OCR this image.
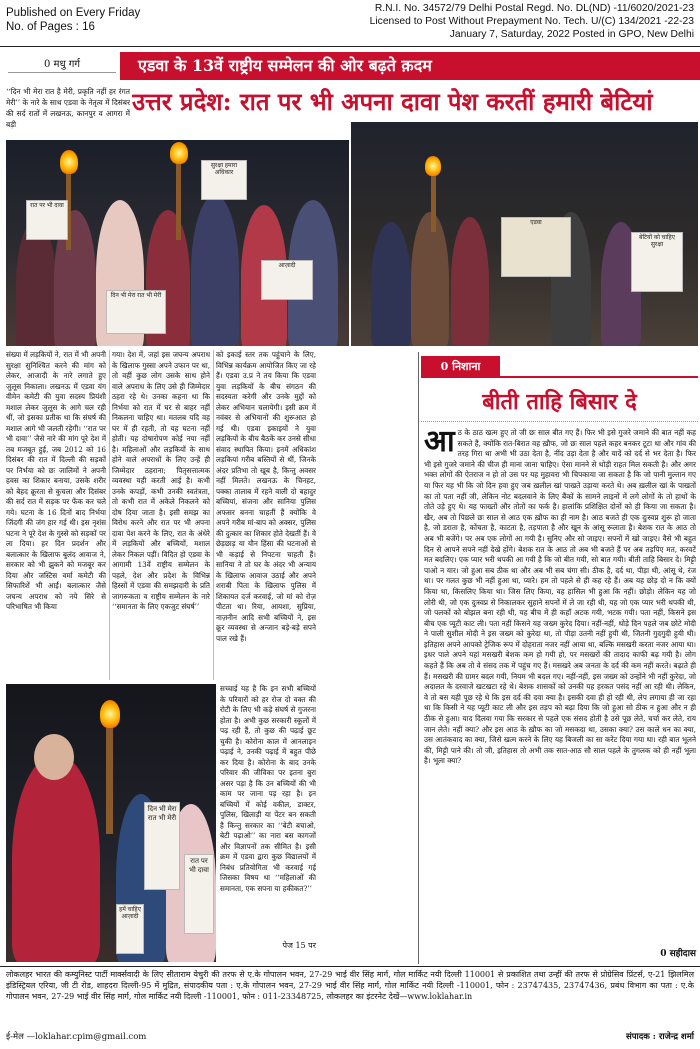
Published on Every Friday
No. of Pages : 16
R.N.I. No. 34572/79 Delhi Postal Regd. No. DL(ND) -11/6020/2021-23
Licensed to Post Without Prepayment No. Tech. U/(C) 134/2021 -22-23
January 7, Saturday, 2022 Posted in GPO, New Delhi
0 मधु गर्ग	एडवा के 13वें राष्ट्रीय सम्मेलन की ओर बढ़ते क़दम
उत्तर प्रदेश: रात पर भी अपना दावा पेश करतीं हमारी बेटियां
‘‘दिन भी मेरा रात है मेरी, प्रकृति नहीं हर रंगत मेरी’’ के नारे के साथ एडवा के नेतृत्व में दिसंबर की सर्द रातों में लखनऊ, कानपुर व आगरा में बड़ी
रात पर भी दावा
दिन भी मेरा रात भी मेरी
सुरक्षा हमारा अधिकार
आज़ादी
एडवा
बेटियों को चाहिए सुरक्षा
संख्या में लड़कियों ने, रात में भी अपनी सुरक्षा सुनिश्चित करने की मांग को लेकर, आजादी के नारे लगाते हुए जुलूस निकाला। लखनऊ में एडवा यंग वीमेन कमेटी की युवा सदस्य प्रियंशी मशाल लेकर जुलूस के आगे चल रही थीं, जो इसका प्रतीक था कि संघर्ष की मशाल आगे भी जलती रहेगी। ‘‘रात पर भी दावा’’ जैसे नारे की मांग पूरे देश में तब मजबूत हुई, जब 2012 को 16 दिसंबर की रात में दिल्ली की सड़कों पर निर्भया को छः जालिमों ने अपनी हवस का शिकार बनाया, उसके शरीर को बेहद क्रूरता से कुचला और दिसंबर की सर्द रात में सड़क पर फेंक कर चले गये। घटना के 16 दिनों बाद निर्भया जिंदगी की जंग हार गई थी। इस नृशंस घटना ने पूरे देश के गुस्से को सड़कों पर ला दिया। हर दिन प्रदर्शन और बलात्कार के खिलाफ बुलंद आवाज ने, सरकार को भी झुकने को मजबूर कर दिया और जस्टिस वर्मा कमेटी की सिफारिशें भी आईं। बलात्कार जैसे जघन्य अपराध को नये सिरे से परिभाषित भी किया
गया। देश में, जहां इस जघन्य अपराध के खिलाफ गुस्सा अपने उफान पर था, तो वहीं कुछ लोग उसके साथ होने वाले अपराध के लिए उसे ही जिम्मेदार ठहरा रहे थे। उनका कहना था कि निर्भया को रात में घर से बाहर नहीं निकलना चाहिए था। मतलब यदि वह घर में ही रहती, तो यह घटना नहीं होती। यह दोषारोपण कोई नया नहीं है। महिलाओं और लड़कियों के साथ होने वाले अपराधों के लिए उन्हें ही जिम्मेदार ठहराना; पितृसत्तात्मक व्यवस्था यही करती आई है। कभी उनके कपड़ों, कभी उनकी स्वतंत्रता, तो कभी रात में अकेले निकलने को दोष दिया जाता है। इसी समझ का विरोध करने और रात पर भी अपना दावा पेश करने के लिए, रात के अंधेरे में लड़कियों और बच्चियों, मशाल लेकर निकल पड़ीं। विदित हो एडवा के आगामी 13वें राष्ट्रीय सम्मेलन के पहले, देश और प्रदेश के विभिन्न हिस्सों में एडवा की समझदारी के प्रति जागरूकता व राष्ट्रीय सम्मेलन के नारे ‘‘समानता के लिए एकजुट संघर्ष’’
को इकाई स्तर तक पहुंचाने के लिए, विभिन्न कार्यक्रम आयोजित किए जा रहे हैं। एडवा उ.प्र ने तय किया कि एडवा युवा लड़कियों के बीच संगठन की सदस्यता करेगी और उनके मुद्दों को लेकर अभियान चलायेगी। इसी क्रम में नवंबर से अभियानों की शुरूआत हो गई थी। एडवा इकाइयों ने युवा लड़कियों के बीच बैठकें कर उनसे सीधा संवाद स्थापित किया। इनमें अधिकांश लड़कियां गरीब बस्तियों से थीं, जिनके अंदर प्रतिभा तो खूब है, किन्तु अवसर नहीं मिलते। लखनऊ के चिनहट, पक्का तालाब में रहने वाली दो बहादुर बच्चियां, संजना और सानिया पुलिस अफसर बनना चाहतीं हैं क्योंकि वे अपने गरीब मां-बाप को अक्सर, पुलिस की दुत्कार का शिकार होते देखतीं हैं। वे छेड़छाड़ या यौन हिंसा की घटनाओं से भी कड़ाई से निपटना चाहती हैं। सानिया ने तो घर के अंदर भी अन्याय के खिलाफ आवाज उठाई और अपने शराबी पिता के खिलाफ पुलिस में शिकायत दर्ज करवाई, जो मां को रोज़ पीटता था। रिया, आयशा, सुप्रिया, नाज़नीन आदि सभी बच्चियों ने, इस क्रूर व्यवस्था से अन्जान बड़े-बड़े सपने पाल रखे हैं।
दिन भी मेरा रात भी मेरी
रात पर भी दावा
हमें चाहिए आज़ादी
सच्चाई यह है कि इन सभी बच्चियों के परिवारों को हर रोज दो वक्त की रोटी के लिए भी कड़े संघर्ष से गुजरना होता है। अभी कुछ सरकारी स्कूलों में पढ़ रही हैं, तो कुछ की पढ़ाई छूट चुकी है। कोरोना काल में आनलाइन पढ़ाई ने, उनकी पढ़ाई में बहुत पीछे कर दिया है। कोरोना के बाद उनके परिवार की जीविका पर इतना बुरा असर पड़ा है कि उन बच्चियों की भी काम पर जाना पड़ रहा है। इन बच्चियों में कोई वकील, डाक्टर, पुलिस, खिलाड़ी या पेंटर बन सकती है किन्तु सरकार का ‘‘बेटी बचाओ, बेटी पढ़ाओ’’ का नारा बस कागजों और विज्ञापनों तक सीमित है। इसी क्रम में एडवा द्वारा कुछ विद्यालयों में निबंध प्रतियोगिता भी करवाई गई जिसका विषय था ‘‘महिलाओं की समानता, एक सपना या हकीकत?’’
पेज 15 पर
0 निशाना
बीती ताहि बिसार दे
आ ठ के ठाठ खत्म हुए तो जी छः साल बीत गए हैं। फिर भी इसे गुजरे जमाने की बात नहीं कह सकते हैं, क्योंकि रात-बिरात वह ख़ौफ, जो छः साल पहले कहर बनकर टूटा था और गांव की तरह गिरा था अभी भी उठा देता है, नींद उड़ा देता है और यादें को दर्द से भर देता है। फिर भी इसे गुजरे जमाने की चीज ही माना जाना चाहिए। ऐसा मानने से थोड़ी राहत मिल सकती है। और अगर भक्त लोगों की ऐतराज न हो तो उस पर यह मुहावरा भी चिपकाया जा सकता है कि जो पानी मुल्तान गए या फिर यह भी कि जो दिन हवा हुए जब ख़लील खां पाखते उड़ाया करते थे। अब ख़लील खां के पाखतों का तो पता नहीं जी, लेकिन नोट बदलवाने के लिए बैंकों के सामने लाइनों में लगे लोगों के तो हाथों के तोते उड़े हुए थे। यह फाख्तों और तोतों का फर्क है। हालांकि प्रशिक्षित दोनों को ही किया जा सकता है। खैर, अब तो पिछले छः साल से आठ एक ख़ौफ का ही नाम है। आठ बजते ही एक दुःस्वप्न शुरू हो जाता है, जो डराता है, कोंचता है, काटता है, तड़पाता है और खून के आंसू रूलाता है। बेशक रात के आठ तो अब भी बजेंगे। पर अब एक लोगों आ गयी है। सुनिए और सो जाइए। सपनों में खो जाइए। वैसे भी बहुत दिन से आपने सपने नहीं देखे होंगे। बेशक रात के आठ तो अब भी बजते हैं पर अब तड़पिए मत, करवटें मत बदलिए। एक प्यार भरी थपकी आ गयी है कि जो बीत गयी, सो बात गयी। बीती ताहि बिसार दे। मिट्टी पाओ न यार। जो हुआ सब ठीक था और अब भी सब चंगा सी। ठीक है, दर्द था, पीड़ा थी, आंसू थे, रंज था। पर गलत कुछ भी नहीं हुआ था, प्यारे। हम तो पहले से ही कह रहे हैं। अब यह छोड़ दो न कि क्यों किया था, किसलिए किया था। जिस लिए किया, वह हासिल भी हुआ कि नहीं। छोड़ो। लेकिन यह जो लोरी थी, जो एक दुःस्वप्न से निकालकर सुहाने सपनों में ले जा रही थी, यह जो एक प्यार भरी थपकी थी, जो पलकों को बोझल बना रही थी, यह बीच में ही कहाँ अटक गयी, भटक गयी। पता नहीं, किसने इस बीच एक प्यूटी काट ली। पता नहीं किसने यह जख्म कुरेद दिया। नहीं-नहीं, थोड़े दिन पहले जब छोटे मोदी ने पाली सुशील मोदी ने इस जख्म को कुरेदा था, तो पीड़ा उतनी नहीं हुयी थी, जितनी गुदगुदी हुयी थी। इतिहास अपने आपको ट्रेजिक रूप में दोहराता नजर नहीं आया था, बल्कि मसखरी करता नजर आया था। इधर पाले अपने यहां मसखरी बेशक कम हो गयी हो, पर मसखरों की तादाद काफी बढ़ गयी है। लोग कहते हैं कि अब तो वे संसद तक में पहुंच गए हैं। मसखरे अब जनता के दर्द की कम नहीं करते। बढ़ाते ही हैं। मसखरी की ग्रामर बदल गयी, नियम भी बदल गए। नहीं-नहीं, इस जख्म को उन्होंने भी नहीं कुरेदा, जो अदालत के दरवाजे खटखटा रहे थे। बेशक शासकों को उनकी यह हरकत पसंद नहीं आ रही थी। लेकिन, वे तो बस यही पूछ रहे थे कि इस दर्द की दवा क्या है। इसकी दवा ही हो रही थी, लेप लगाया ही जा रहा था कि किसी ने यह प्यूटी काट ली और इस तड़प को बढ़ा दिया कि जो हुआ सो ठीक न हुआ और न ही ठीक से हुआ। याद दिलवा गया कि सरकार से पहले एक संसद होती है उसे पूछ लेते, चर्चा कर लेते, राय जान लेते। नहीं क्या? और इस आठ के ख़ौफ का जो मसकदा था, उसका क्या? उस काले धन का क्या, उस आतंकवाद का क्या, जिसे खत्म करने के लिए यह बिजली का सा करेंट दिया गया था। रही बात भूलने की, मिट्टी पाने की। तो जी, इतिहास तो अभी तक सात-आठ सौ साल पहले के तुगलक को ही नहीं भूला है। भूला क्या?
0 सहीदास
लोकलहर भारत की कम्युनिस्ट पार्टी मार्क्सवादी के लिए सीताराम येचुरी की तरफ से ए.के गोपालन भवन, 27-29 भाई वीर सिंह मार्ग, गोल मार्किट नयी दिल्ली 110001 से प्रकाशित तथा उन्हीं की तरफ से प्रोग्रेसिव प्रिंटर्स, ए-21 झिलमिल इंडिस्ट्रियल एरिया, जी टी रोड, शाहदरा दिल्ली-95 में मुद्रित, संपादकीय पता : ए.के गोपालन भवन, 27-29 भाई वीर सिंह मार्ग, गोल मार्किट नयी दिल्ली -110001, फोन : 23747435, 23747436, प्रबंध विभाग का पता : ए.के गोपालन भवन, 27-29 भाई वीर सिंह मार्ग, गोल मार्किट नयी दिल्ली -110001, फोन : 011-23348725, लोकलहर का इंटरनेट देखें—www.loklahar.in
ई-मेल —loklahar.cpim@gmail.com	संपादक : राजेन्द्र शर्मा
